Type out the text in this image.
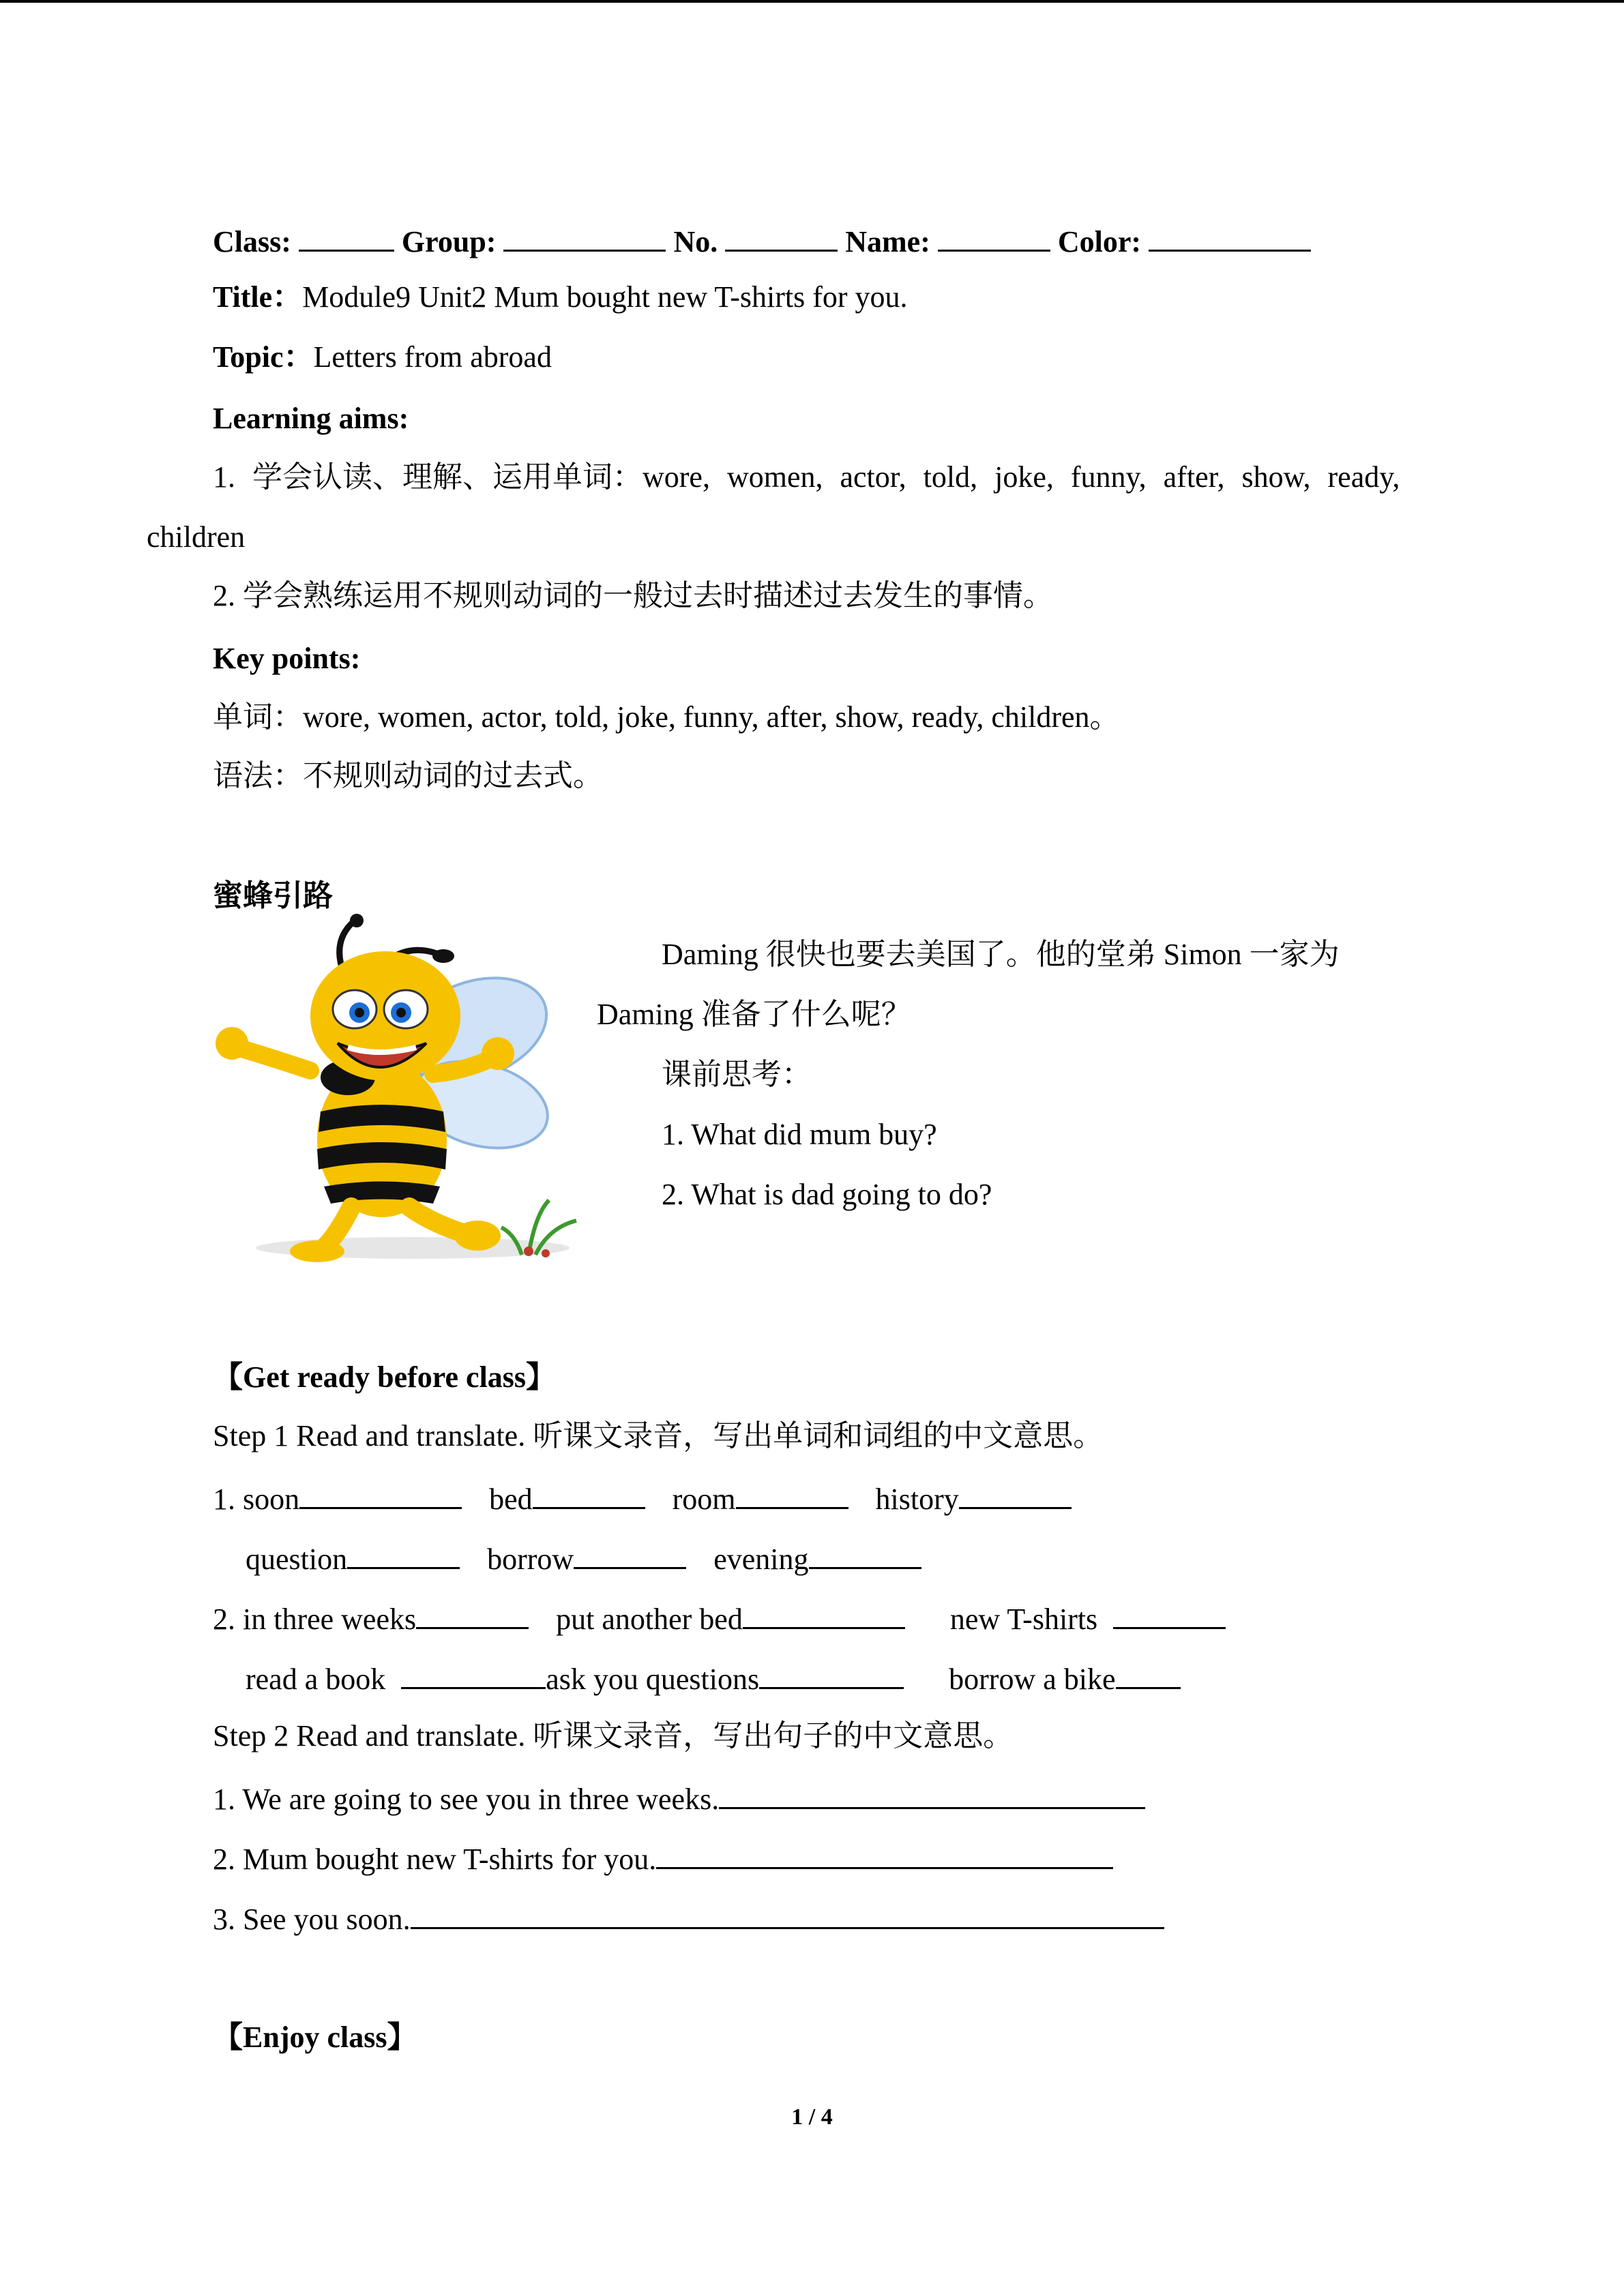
Class:	Group:	No.	Name:	Color:
Title：Module9 Unit2 Mum bought new T-shirts for you.
Topic：Letters from abroad
Learning aims:
1. 学会认读、理解、运用单词：wore, women, actor, told, joke, funny, after, show, ready,
children
2. 学会熟练运用不规则动词的一般过去时描述过去发生的事情。
Key points:
单词：wore, women, actor, told, joke, funny, after, show, ready, children。
语法：不规则动词的过去式。
蜜蜂引路
Daming 很快也要去美国了。他的堂弟 Simon 一家为
Daming 准备了什么呢？
课前思考：
1. What did mum buy?
2. What is dad going to do?
【Get ready before class】
Step 1 Read and translate. 听课文录音，写出单词和词组的中文意思。
1. soon	bed	room	history
question	borrow	evening
2. in three weeks	put another bed	new T-shirts
read a book	ask you questions	borrow a bike
Step 2 Read and translate. 听课文录音，写出句子的中文意思。
1. We are going to see you in three weeks.
2. Mum bought new T-shirts for you.
3. See you soon.
【Enjoy class】
1 / 4
